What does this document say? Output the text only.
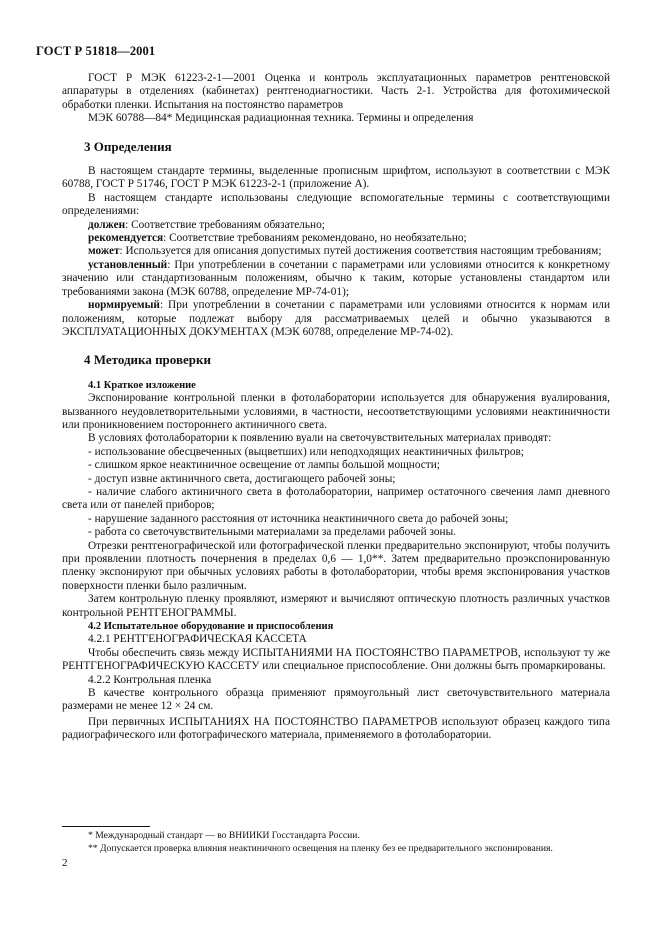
ГОСТ Р 51818—2001

ГОСТ Р МЭК 61223-2-1—2001 Оценка и контроль эксплуатационных параметров рентгеновской аппаратуры в отделениях (кабинетах) рентгенодиагностики. Часть 2-1. Устройства для фотохимической обработки пленки. Испытания на постоянство параметров

МЭК 60788—84* Медицинская радиационная техника. Термины и определения

3 Определения

В настоящем стандарте термины, выделенные прописным шрифтом, используют в соответствии с МЭК 60788, ГОСТ Р 51746, ГОСТ Р МЭК 61223-2-1 (приложение А).

В настоящем стандарте использованы следующие вспомогательные термины с соответствующими определениями:

должен: Соответствие требованиям обязательно;

рекомендуется: Соответствие требованиям рекомендовано, но необязательно;

может: Используется для описания допустимых путей достижения соответствия настоящим требованиям;

установленный: При употреблении в сочетании с параметрами или условиями относится к конкретному значению или стандартизованным положениям, обычно к таким, которые установлены стандартом или требованиями закона (МЭК 60788, определение MP-74-01);

нормируемый: При употреблении в сочетании с параметрами или условиями относится к нормам или положениям, которые подлежат выбору для рассматриваемых целей и обычно указываются в ЭКСПЛУАТАЦИОННЫХ ДОКУМЕНТАХ (МЭК 60788, определение MP-74-02).

4 Методика проверки
4.1 Краткое изложение

Экспонирование контрольной пленки в фотолаборатории используется для обнаружения вуалирования, вызванного неудовлетворительными условиями, в частности, несоответствующими условиями неактиничности или проникновением постороннего актиничного света.

В условиях фотолаборатории к появлению вуали на светочувствительных материалах приводят:

- использование обесцвеченных (выцветших) или неподходящих неактиничных фильтров;

- слишком яркое неактиничное освещение от лампы большой мощности;

- доступ извне актиничного света, достигающего рабочей зоны;

- наличие слабого актиничного света в фотолаборатории, например остаточного свечения ламп дневного света или от панелей приборов;

- нарушение заданного расстояния от источника неактиничного света до рабочей зоны;

- работа со светочувствительными материалами за пределами рабочей зоны.

Отрезки рентгенографической или фотографической пленки предварительно экспонируют, чтобы получить при проявлении плотность почернения в пределах 0,6 — 1,0**. Затем предварительно проэкспонированную пленку экспонируют при обычных условиях работы в фотолаборатории, чтобы время экспонирования участков поверхности пленки было различным.

Затем контрольную пленку проявляют, измеряют и вычисляют оптическую плотность различных участков контрольной РЕНТГЕНОГРАММЫ.

4.2 Испытательное оборудование и приспособления

4.2.1 РЕНТГЕНОГРАФИЧЕСКАЯ КАССЕТА

Чтобы обеспечить связь между ИСПЫТАНИЯМИ НА ПОСТОЯНСТВО ПАРАМЕТРОВ, используют ту же РЕНТГЕНОГРАФИЧЕСКУЮ КАССЕТУ или специальное приспособление. Они должны быть промаркированы.

4.2.2 Контрольная пленка

В качестве контрольного образца применяют прямоугольный лист светочувствительного материала размерами не менее 12 × 24 см.

При первичных ИСПЫТАНИЯХ НА ПОСТОЯНСТВО ПАРАМЕТРОВ используют образец каждого типа радиографического или фотографического материала, применяемого в фотолаборатории.

* Международный стандарт — во ВНИИКИ Госстандарта России.

** Допускается проверка влияния неактиничного освещения на пленку без ее предварительного экспонирования.

2
